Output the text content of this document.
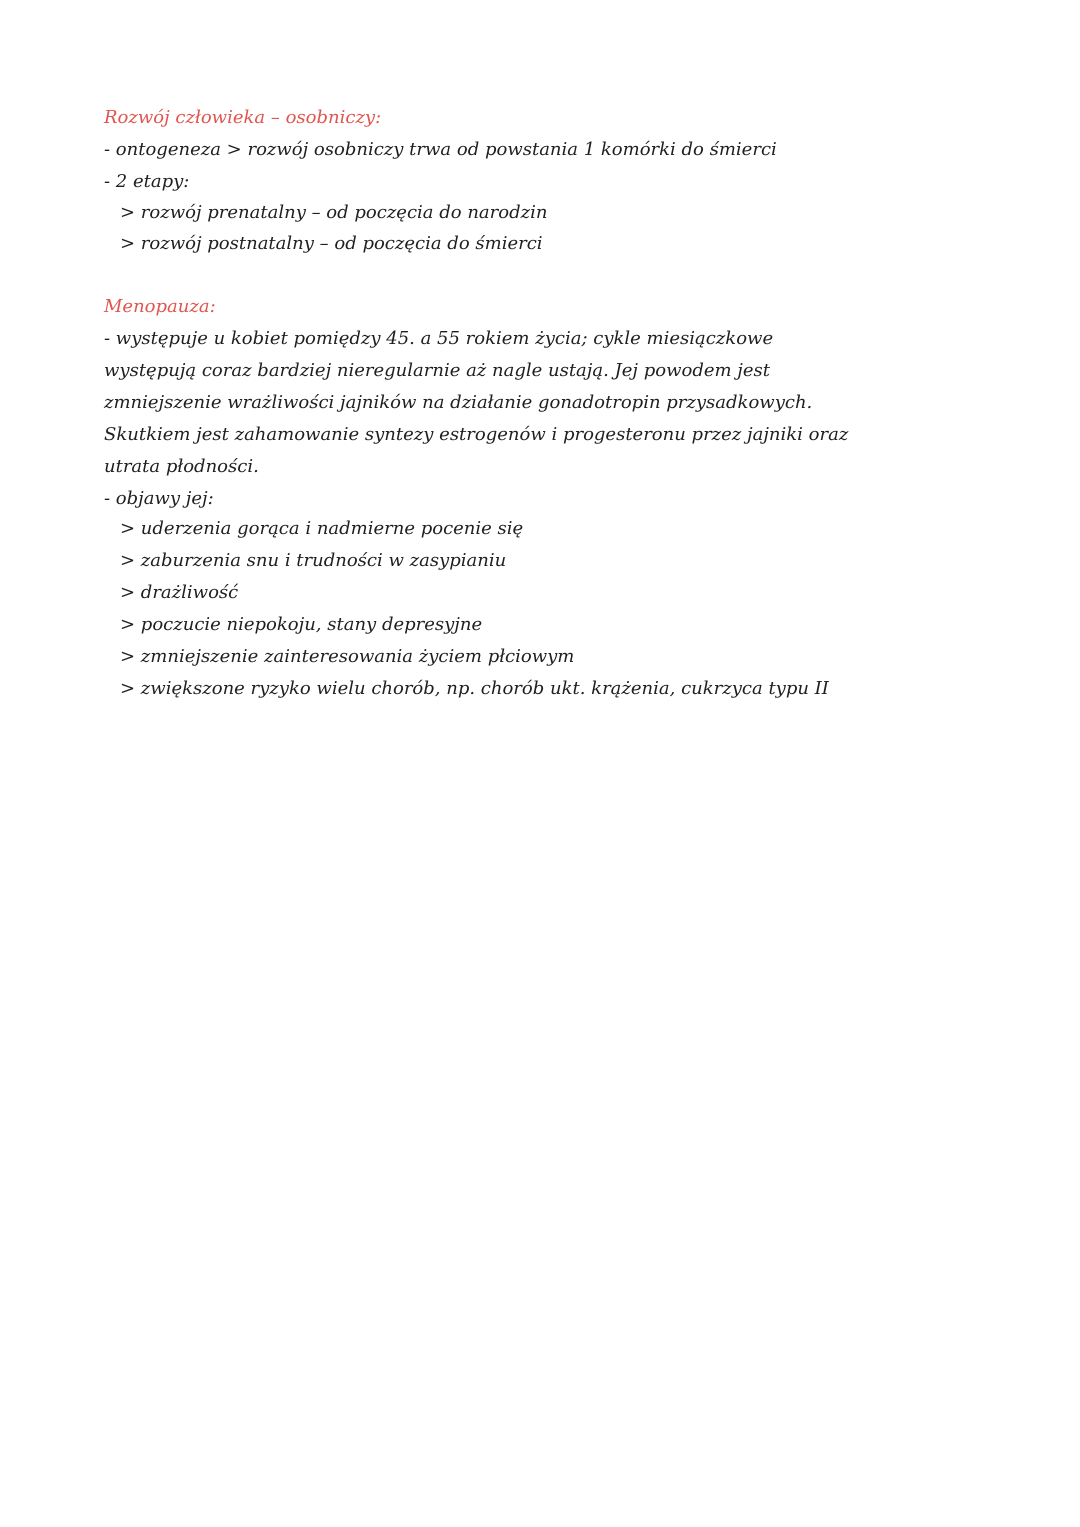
Rozwój człowieka – osobniczy:
- ontogeneza > rozwój osobniczy trwa od powstania 1 komórki do śmierci
- 2 etapy:
> rozwój prenatalny – od poczęcia do narodzin
> rozwój postnatalny – od poczęcia do śmierci
Menopauza:
- występuje u kobiet pomiędzy 45. a 55 rokiem życia; cykle miesiączkowe
występują coraz bardziej nieregularnie aż nagle ustają. Jej powodem jest
zmniejszenie wrażliwości jajników na działanie gonadotropin przysadkowych.
Skutkiem jest zahamowanie syntezy estrogenów i progesteronu przez jajniki oraz
utrata płodności.
- objawy jej:
> uderzenia gorąca i nadmierne pocenie się
> zaburzenia snu i trudności w zasypianiu
> drażliwość
> poczucie niepokoju, stany depresyjne
> zmniejszenie zainteresowania życiem płciowym
> zwiększone ryzyko wielu chorób, np. chorób ukt. krążenia, cukrzyca typu II
